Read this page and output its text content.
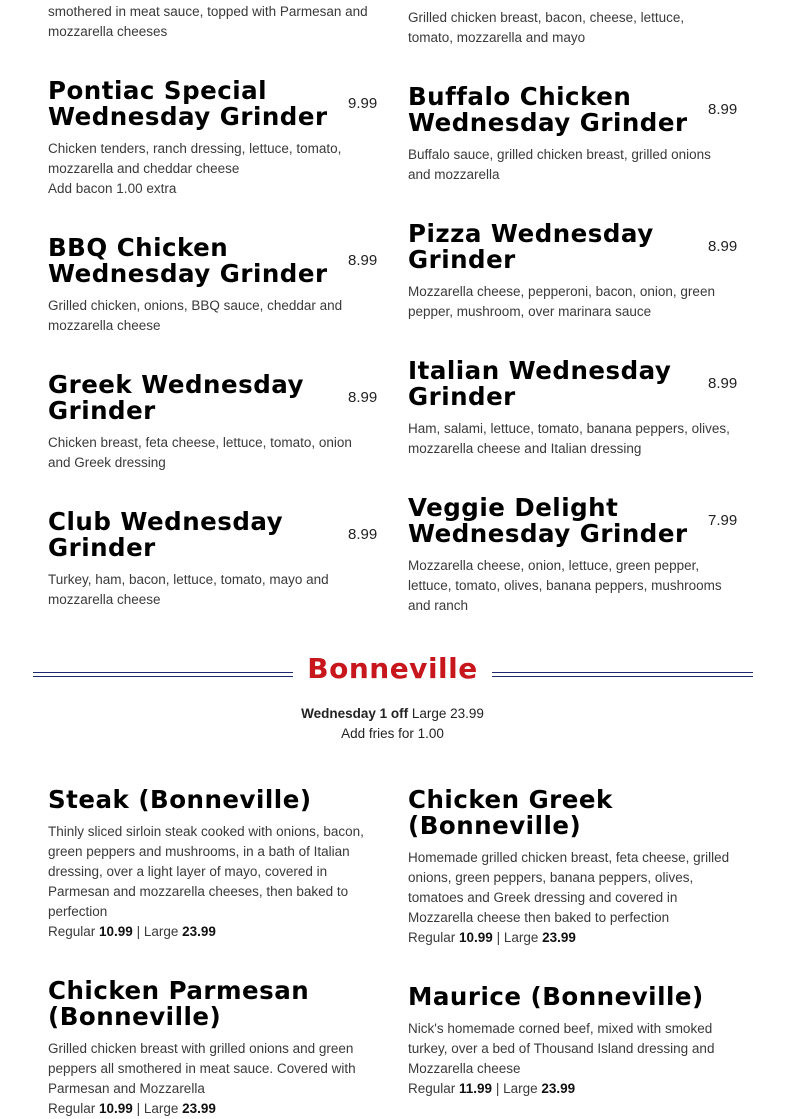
smothered in meat sauce, topped with Parmesan and mozzarella cheeses
Grilled chicken breast, bacon, cheese, lettuce, tomato, mozzarella and mayo
Pontiac Special Wednesday Grinder	9.99
Chicken tenders, ranch dressing, lettuce, tomato, mozzarella and cheddar cheese
Add bacon 1.00 extra
BBQ Chicken Wednesday Grinder	8.99
Grilled chicken, onions, BBQ sauce, cheddar and mozzarella cheese
Greek Wednesday Grinder	8.99
Chicken breast, feta cheese, lettuce, tomato, onion and Greek dressing
Club Wednesday Grinder	8.99
Turkey, ham, bacon, lettuce, tomato, mayo and mozzarella cheese
Buffalo Chicken Wednesday Grinder	8.99
Buffalo sauce, grilled chicken breast, grilled onions and mozzarella
Pizza Wednesday Grinder	8.99
Mozzarella cheese, pepperoni, bacon, onion, green pepper, mushroom, over marinara sauce
Italian Wednesday Grinder	8.99
Ham, salami, lettuce, tomato, banana peppers, olives, mozzarella cheese and Italian dressing
Veggie Delight Wednesday Grinder	7.99
Mozzarella cheese, onion, lettuce, green pepper, lettuce, tomato, olives, banana peppers, mushrooms and ranch
Bonneville
Wednesday 1 off Large 23.99
Add fries for 1.00
Steak (Bonneville)
Thinly sliced sirloin steak cooked with onions, bacon, green peppers and mushrooms, in a bath of Italian dressing, over a light layer of mayo, covered in Parmesan and mozzarella cheeses, then baked to perfection
Regular 10.99 | Large 23.99
Chicken Parmesan (Bonneville)
Grilled chicken breast with grilled onions and green peppers all smothered in meat sauce. Covered with Parmesan and Mozzarella
Regular 10.99 | Large 23.99
Chicken Greek (Bonneville)
Homemade grilled chicken breast, feta cheese, grilled onions, green peppers, banana peppers, olives, tomatoes and Greek dressing and covered in Mozzarella cheese then baked to perfection
Regular 10.99 | Large 23.99
Maurice (Bonneville)
Nick's homemade corned beef, mixed with smoked turkey, over a bed of Thousand Island dressing and Mozzarella cheese
Regular 11.99 | Large 23.99
